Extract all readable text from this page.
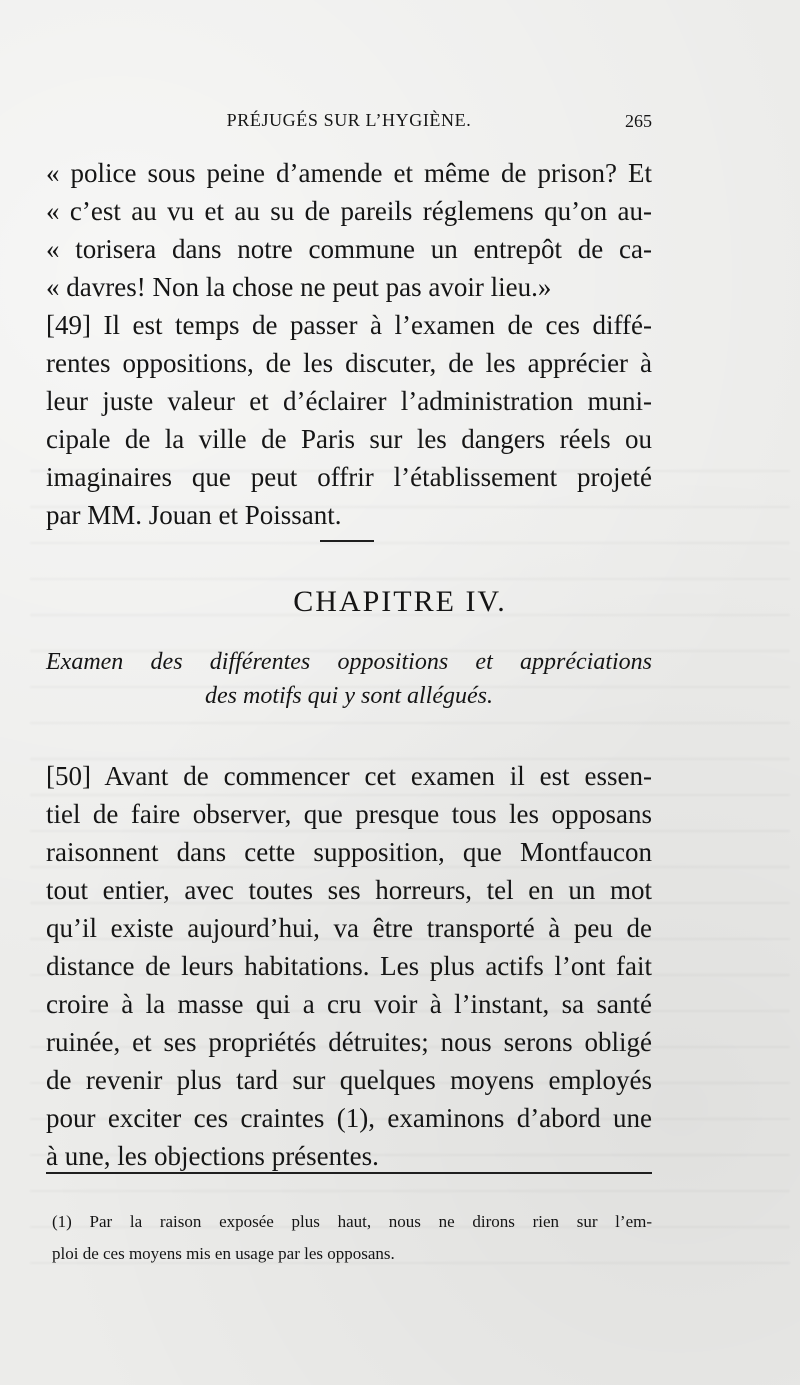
PRÉJUGÉS SUR L’HYGIÈNE.	265
« police sous peine d’amende et même de prison? Et
« c’est au vu et au su de pareils réglemens qu’on au-
« torisera dans notre commune un entrepôt de ca-
« davres! Non la chose ne peut pas avoir lieu.»
[49] Il est temps de passer à l’examen de ces diffé-
rentes oppositions, de les discuter, de les apprécier à
leur juste valeur et d’éclairer l’administration muni-
cipale de la ville de Paris sur les dangers réels ou
imaginaires que peut offrir l’établissement projeté
par MM. Jouan et Poissant.
CHAPITRE IV.
Examen des différentes oppositions et appréciations
des motifs qui y sont allégués.
[50] Avant de commencer cet examen il est essen-
tiel de faire observer, que presque tous les opposans
raisonnent dans cette supposition, que Montfaucon
tout entier, avec toutes ses horreurs, tel en un mot
qu’il existe aujourd’hui, va être transporté à peu de
distance de leurs habitations. Les plus actifs l’ont fait
croire à la masse qui a cru voir à l’instant, sa santé
ruinée, et ses propriétés détruites; nous serons obligé
de revenir plus tard sur quelques moyens employés
pour exciter ces craintes (1), examinons d’abord une
à une, les objections présentes.
(1) Par la raison exposée plus haut, nous ne dirons rien sur l’em-
ploi de ces moyens mis en usage par les opposans.
